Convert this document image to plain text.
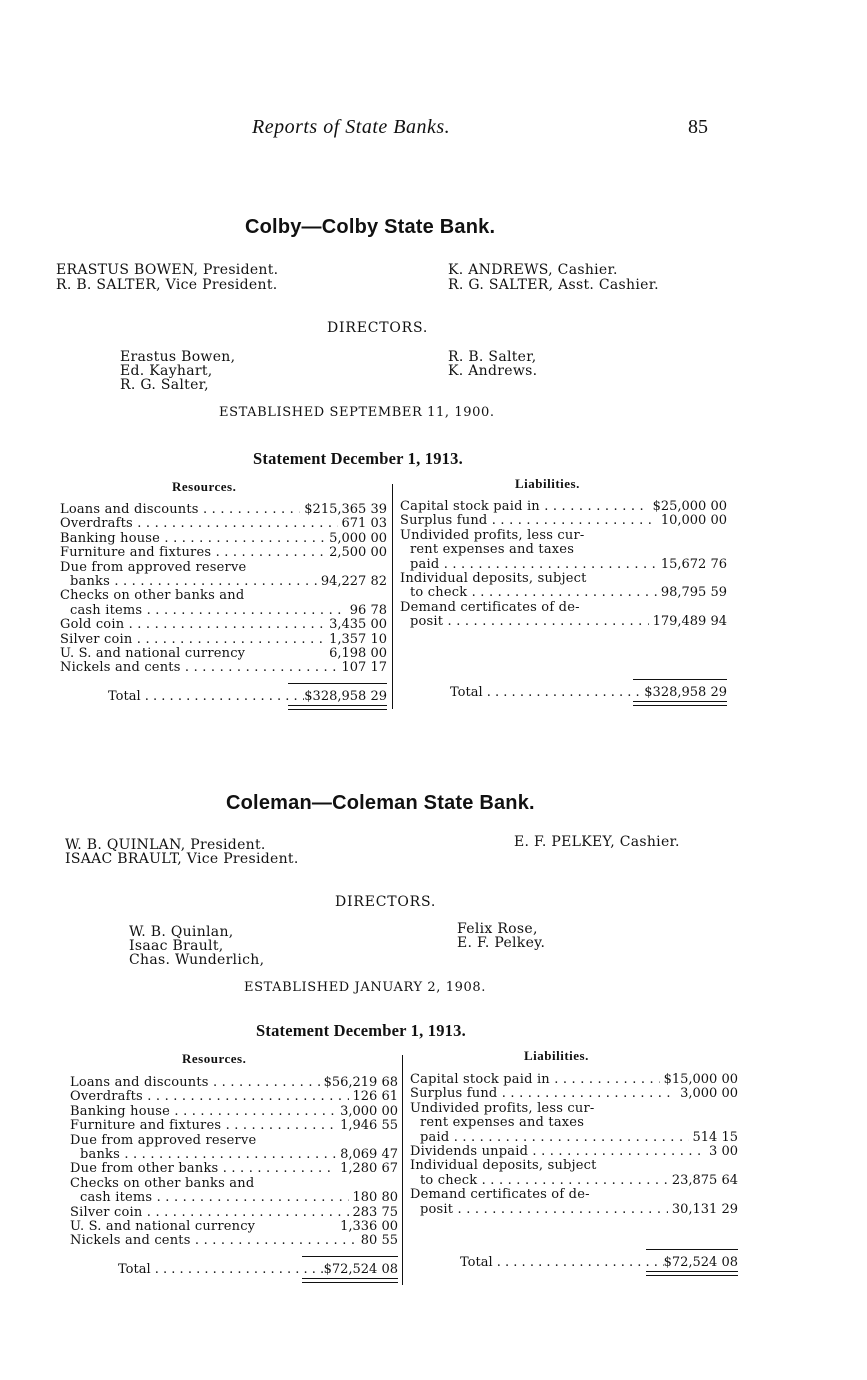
Reports of State Banks.	85
Colby—Colby State Bank.
ERASTUS BOWEN, President.
R. B. SALTER, Vice President.
K. ANDREWS, Cashier.
R. G. SALTER, Asst. Cashier.
DIRECTORS.
Erastus Bowen,
Ed. Kayhart,
R. G. Salter,
R. B. Salter,
K. Andrews.
ESTABLISHED SEPTEMBER 11, 1900.
Statement December 1, 1913.
Resources.	Liabilities.
Loans and discounts . . .	$215,365 39
Overdrafts . . .	671 03
Banking house . . .	5,000 00
Furniture and fixtures . . .	2,500 00
Due from approved reserve
banks . . .	94,227 82
Checks on other banks and
cash items . . .	96 78
Gold coin . . .	3,435 00
Silver coin . . .	1,357 10
U. S. and national currency	6,198 00
Nickels and cents . . .	107 17
Capital stock paid in . . .	$25,000 00
Surplus fund . . .	10,000 00
Undivided profits, less cur-
rent expenses and taxes
paid . . .	15,672 76
Individual deposits, subject
to check . . .	98,795 59
Demand certificates of de-
posit . . .	179,489 94
Total . . .	$328,958 29	Total . . .	$328,958 29
Coleman—Coleman State Bank.
W. B. QUINLAN, President.
ISAAC BRAULT, Vice President.
E. F. PELKEY, Cashier.
DIRECTORS.
W. B. Quinlan,
Isaac Brault,
Chas. Wunderlich,
Felix Rose,
E. F. Pelkey.
ESTABLISHED JANUARY 2, 1908.
Statement December 1, 1913.
Resources.	Liabilities.
Loans and discounts . . .	$56,219 68
Overdrafts . . .	126 61
Banking house . . .	3,000 00
Furniture and fixtures . . .	1,946 55
Due from approved reserve
banks . . .	8,069 47
Due from other banks . . .	1,280 67
Checks on other banks and
cash items . . .	180 80
Silver coin . . .	283 75
U. S. and national currency	1,336 00
Nickels and cents . . .	80 55
Capital stock paid in . . .	$15,000 00
Surplus fund . . .	3,000 00
Undivided profits, less cur-
rent expenses and taxes
paid . . .	514 15
Dividends unpaid . . .	3 00
Individual deposits, subject
to check . . .	23,875 64
Demand certificates of de-
posit . . .	30,131 29
Total . . .	$72,524 08	Total . . .	$72,524 08
